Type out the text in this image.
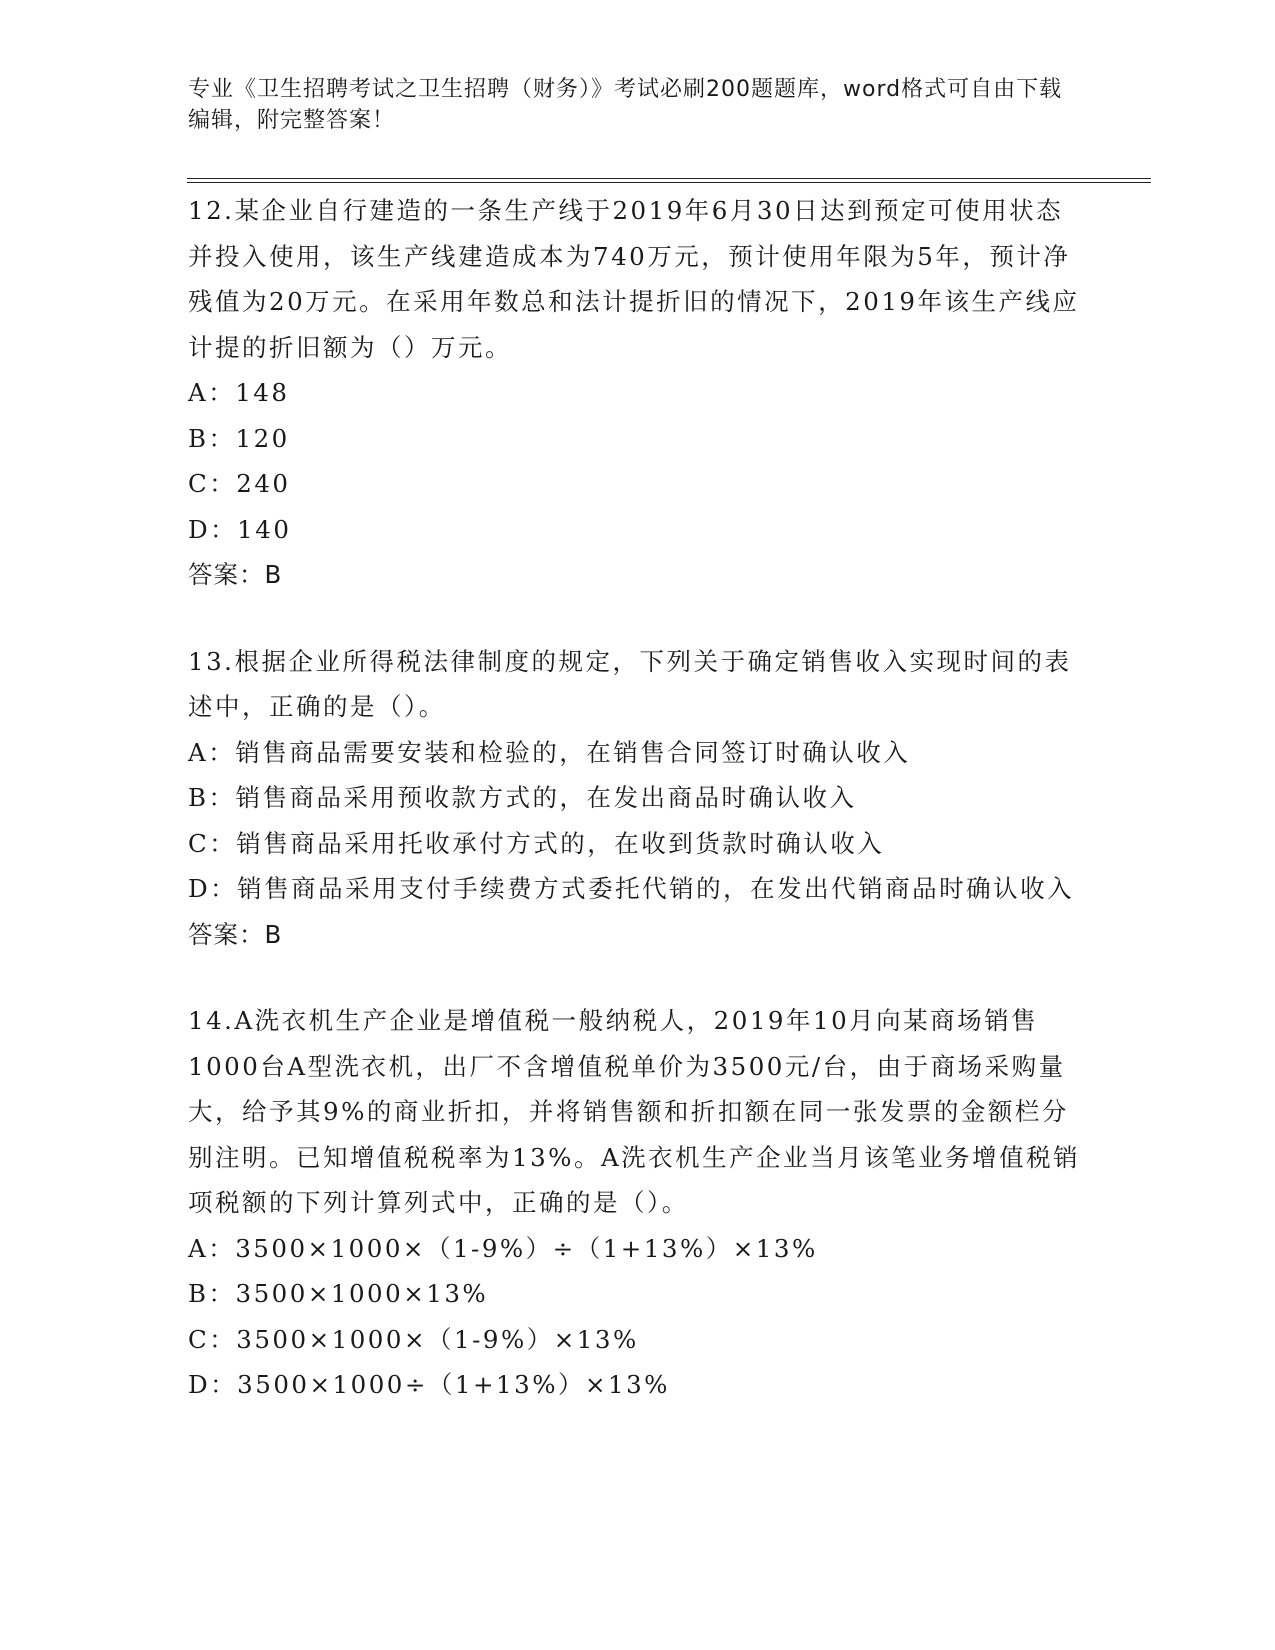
专业《卫生招聘考试之卫生招聘（财务）》考试必刷200题题库，word格式可自由下载编辑，附完整答案！

12.某企业自行建造的一条生产线于2019年6月30日达到预定可使用状态并投入使用，该生产线建造成本为740万元，预计使用年限为5年，预计净残值为20万元。在采用年数总和法计提折旧的情况下，2019年该生产线应计提的折旧额为（）万元。

A：148

B：120

C：240

D：140

答案：B

13.根据企业所得税法律制度的规定，下列关于确定销售收入实现时间的表述中，正确的是（）。

A：销售商品需要安装和检验的，在销售合同签订时确认收入

B：销售商品采用预收款方式的，在发出商品时确认收入

C：销售商品采用托收承付方式的，在收到货款时确认收入

D：销售商品采用支付手续费方式委托代销的，在发出代销商品时确认收入

答案：B

14.A洗衣机生产企业是增值税一般纳税人，2019年10月向某商场销售1000台A型洗衣机，出厂不含增值税单价为3500元/台，由于商场采购量大，给予其9%的商业折扣，并将销售额和折扣额在同一张发票的金额栏分别注明。已知增值税税率为13%。A洗衣机生产企业当月该笔业务增值税销项税额的下列计算列式中，正确的是（）。

A：3500×1000×（1-9%）÷（1+13%）×13%

B：3500×1000×13%

C：3500×1000×（1-9%）×13%

D：3500×1000÷（1+13%）×13%
